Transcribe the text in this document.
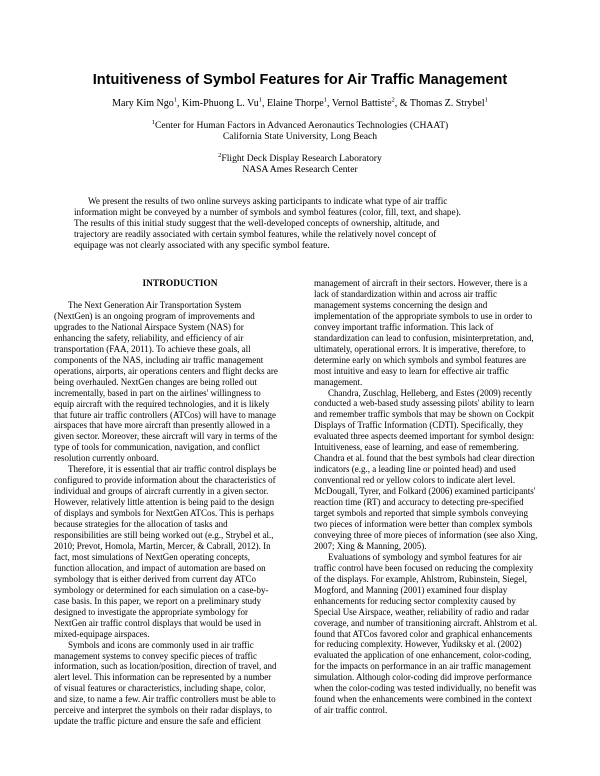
Intuitiveness of Symbol Features for Air Traffic Management
Mary Kim Ngo$^1$, Kim-Phuong L. Vu$^1$, Elaine Thorpe$^1$, Vernol Battiste$^2$, & Thomas Z. Strybel$^1$
$^1$Center for Human Factors in Advanced Aeronautics Technologies (CHAAT)
California State University, Long Beach
$^2$Flight Deck Display Research Laboratory
NASA Ames Research Center
We present the results of two online surveys asking participants to indicate what type of air traffic
information might be conveyed by a number of symbols and symbol features (color, fill, text, and shape).
The results of this initial study suggest that the well-developed concepts of ownership, altitude, and
trajectory are readily associated with certain symbol features, while the relatively novel concept of
equipage was not clearly associated with any specific symbol feature.
INTRODUCTION
The Next Generation Air Transportation System
(NextGen) is an ongoing program of improvements and
upgrades to the National Airspace System (NAS) for
enhancing the safety, reliability, and efficiency of air
transportation (FAA, 2011). To achieve these goals, all
components of the NAS, including air traffic management
operations, airports, air operations centers and flight decks are
being overhauled. NextGen changes are being rolled out
incrementally, based in part on the airlines' willingness to
equip aircraft with the required technologies, and it is likely
that future air traffic controllers (ATCos) will have to manage
airspaces that have more aircraft than presently allowed in a
given sector. Moreover, these aircraft will vary in terms of the
type of tools for communication, navigation, and conflict
resolution currently onboard.
Therefore, it is essential that air traffic control displays be
configured to provide information about the characteristics of
individual and groups of aircraft currently in a given sector.
However, relatively little attention is being paid to the design
of displays and symbols for NextGen ATCos. This is perhaps
because strategies for the allocation of tasks and
responsibilities are still being worked out (e.g., Strybel et al.,
2010; Prevot, Homola, Martin, Mercer, & Cabrall, 2012). In
fact, most simulations of NextGen operating concepts,
function allocation, and impact of automation are based on
symbology that is either derived from current day ATCo
symbology or determined for each simulation on a case-by-
case basis. In this paper, we report on a preliminary study
designed to investigate the appropriate symbology for
NextGen air traffic control displays that would be used in
mixed-equipage airspaces.
Symbols and icons are commonly used in air traffic
management systems to convey specific pieces of traffic
information, such as location/position, direction of travel, and
alert level. This information can be represented by a number
of visual features or characteristics, including shape, color,
and size, to name a few. Air traffic controllers must be able to
perceive and interpret the symbols on their radar displays, to
update the traffic picture and ensure the safe and efficient
management of aircraft in their sectors. However, there is a
lack of standardization within and across air traffic
management systems concerning the design and
implementation of the appropriate symbols to use in order to
convey important traffic information. This lack of
standardization can lead to confusion, misinterpretation, and,
ultimately, operational errors. It is imperative, therefore, to
determine early on which symbols and symbol features are
most intuitive and easy to learn for effective air traffic
management.
Chandra, Zuschlag, Helleberg, and Estes (2009) recently
conducted a web-based study assessing pilots' ability to learn
and remember traffic symbols that may be shown on Cockpit
Displays of Traffic Information (CDTI). Specifically, they
evaluated three aspects deemed important for symbol design:
Intuitiveness, ease of learning, and ease of remembering.
Chandra et al. found that the best symbols had clear direction
indicators (e.g., a leading line or pointed head) and used
conventional red or yellow colors to indicate alert level.
McDougall, Tyrer, and Folkard (2006) examined participants'
reaction time (RT) and accuracy to detecting pre-specified
target symbols and reported that simple symbols conveying
two pieces of information were better than complex symbols
conveying three of more pieces of information (see also Xing,
2007; Xing & Manning, 2005).
Evaluations of symbology and symbol features for air
traffic control have been focused on reducing the complexity
of the displays. For example, Ahlstrom, Rubinstein, Siegel,
Mogford, and Manning (2001) examined four display
enhancements for reducing sector complexity caused by
Special Use Airspace, weather, reliability of radio and radar
coverage, and number of transitioning aircraft. Ahlstrom et al.
found that ATCos favored color and graphical enhancements
for reducing complexity. However, Yudiksky et al. (2002)
evaluated the application of one enhancement, color-coding,
for the impacts on performance in an air traffic management
simulation. Although color-coding did improve performance
when the color-coding was tested individually, no benefit was
found when the enhancements were combined in the context
of air traffic control.
